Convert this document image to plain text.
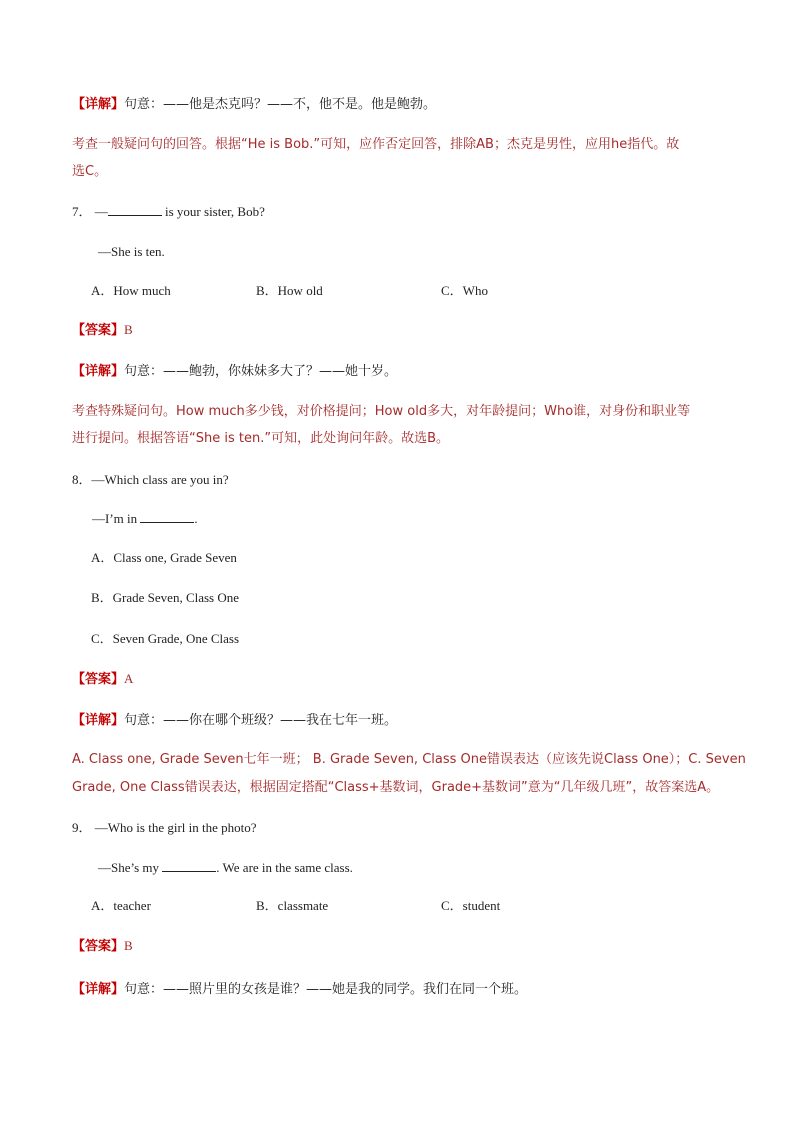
【详解】句意：——他是杰克吗？——不，他不是。他是鲍勃。
考查一般疑问句的回答。根据“He is Bob.”可知，应作否定回答，排除AB；杰克是男性，应用he指代。故
选C。
7． —	is your sister, Bob?
—She is ten.
A．How much	B．How old	C．Who
【答案】B
【详解】句意：——鲍勃，你妹妹多大了？——她十岁。
考查特殊疑问句。How much多少钱，对价格提问；How old多大，对年龄提问；Who谁，对身份和职业等
进行提问。根据答语“She is ten.”可知，此处询问年龄。故选B。
8．—Which class are you in?
—I’m in	.
A．Class one, Grade Seven
B．Grade Seven, Class One
C．Seven Grade, One Class
【答案】A
【详解】句意：——你在哪个班级？——我在七年一班。
A. Class one, Grade Seven七年一班； B. Grade Seven, Class One错误表达（应该先说Class One）；C. Seven
Grade, One Class错误表达，根据固定搭配“Class+基数词，Grade+基数词”意为“几年级几班”，故答案选A。
9． —Who is the girl in the photo?
—She’s my	. We are in the same class.
A．teacher	B．classmate	C．student
【答案】B
【详解】句意：——照片里的女孩是谁？——她是我的同学。我们在同一个班。
